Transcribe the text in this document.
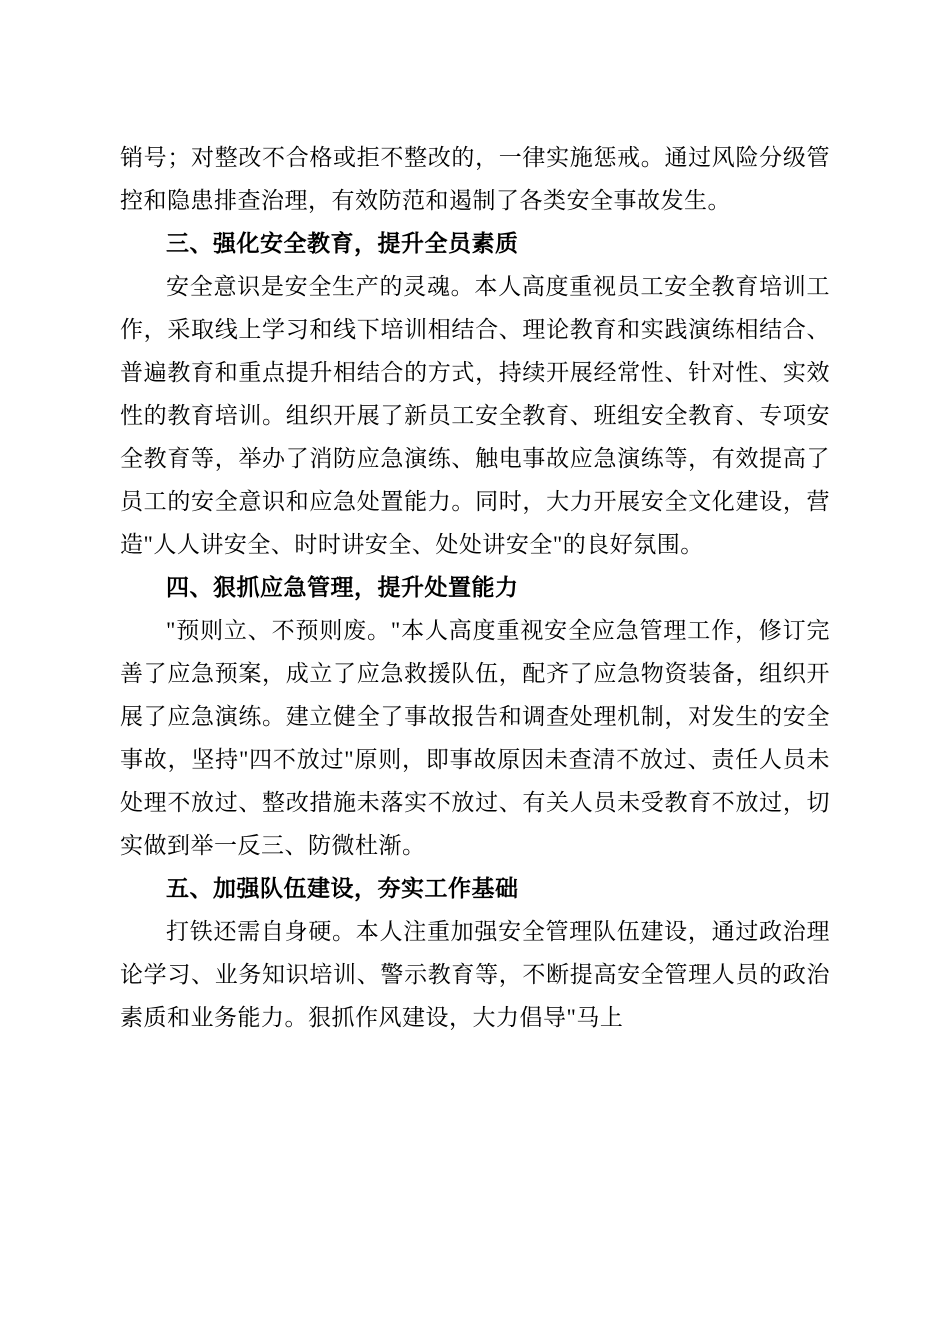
销号；对整改不合格或拒不整改的，一律实施惩戒。通过风险分级管控和隐患排查治理，有效防范和遏制了各类安全事故发生。

三、强化安全教育，提升全员素质

安全意识是安全生产的灵魂。本人高度重视员工安全教育培训工作，采取线上学习和线下培训相结合、理论教育和实践演练相结合、普遍教育和重点提升相结合的方式，持续开展经常性、针对性、实效性的教育培训。组织开展了新员工安全教育、班组安全教育、专项安全教育等，举办了消防应急演练、触电事故应急演练等，有效提高了员工的安全意识和应急处置能力。同时，大力开展安全文化建设，营造"人人讲安全、时时讲安全、处处讲安全"的良好氛围。

四、狠抓应急管理，提升处置能力

"预则立、不预则废。"本人高度重视安全应急管理工作，修订完善了应急预案，成立了应急救援队伍，配齐了应急物资装备，组织开展了应急演练。建立健全了事故报告和调查处理机制，对发生的安全事故，坚持"四不放过"原则，即事故原因未查清不放过、责任人员未处理不放过、整改措施未落实不放过、有关人员未受教育不放过，切实做到举一反三、防微杜渐。

五、加强队伍建设，夯实工作基础

打铁还需自身硬。本人注重加强安全管理队伍建设，通过政治理论学习、业务知识培训、警示教育等，不断提高安全管理人员的政治素质和业务能力。狠抓作风建设，大力倡导"马上
